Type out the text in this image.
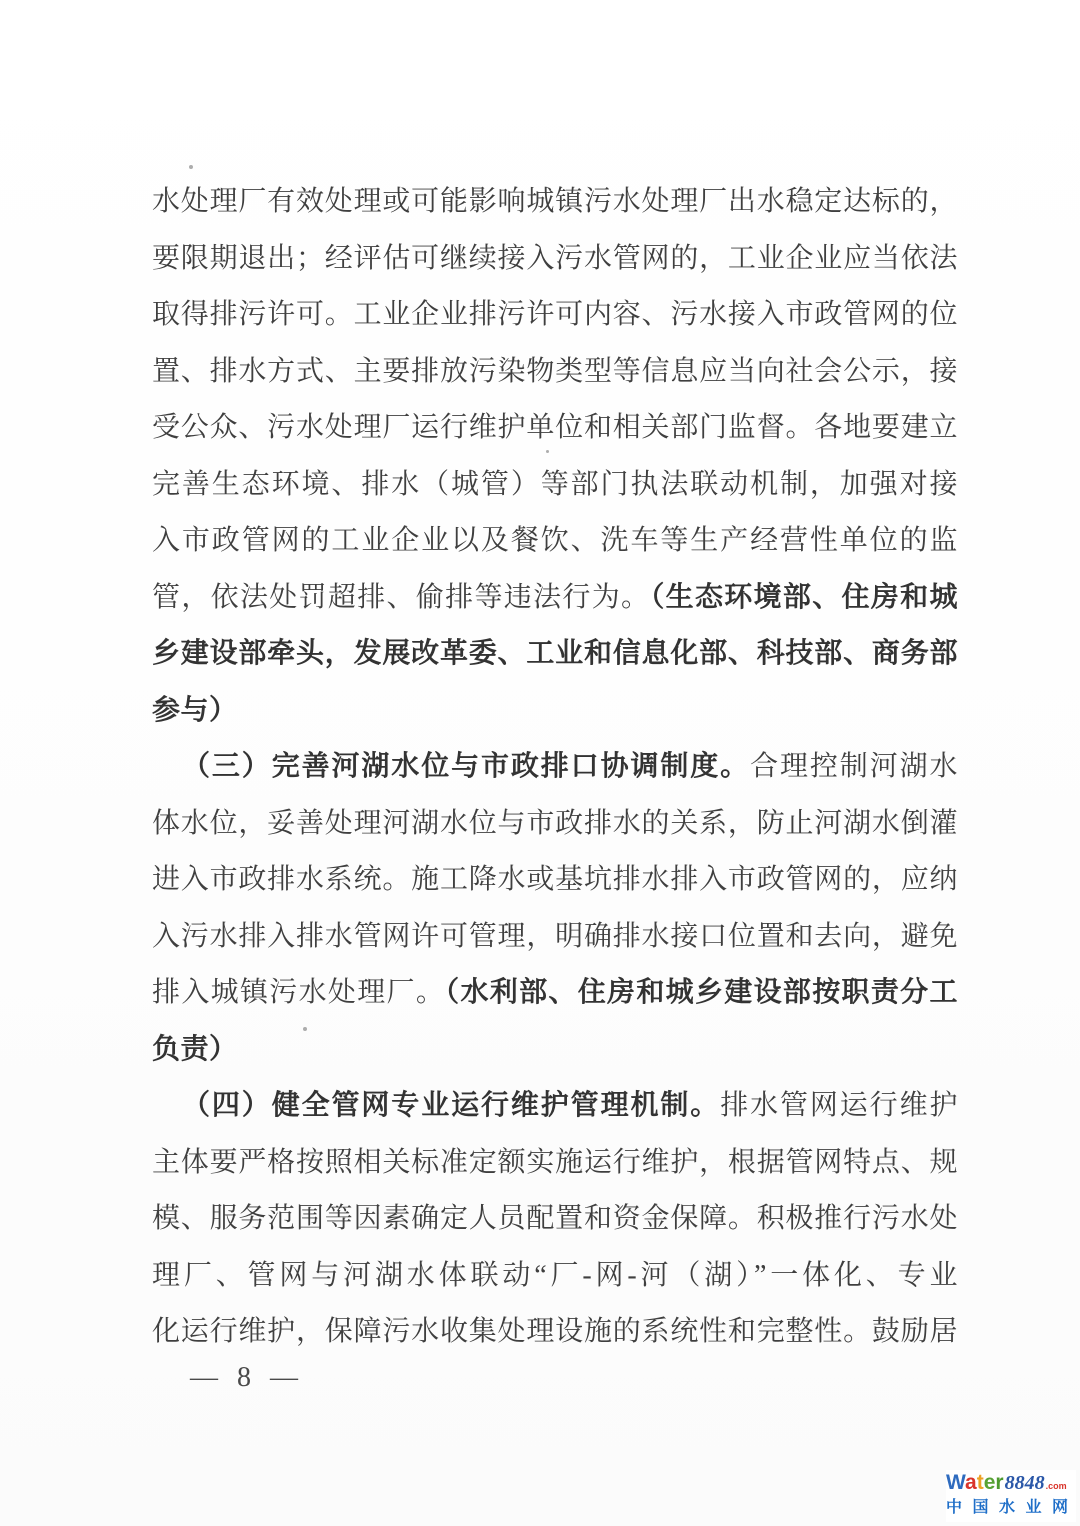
水处理厂有效处理或可能影响城镇污水处理厂出水稳定达标的，
要限期退出；经评估可继续接入污水管网的，工业企业应当依法
取得排污许可。工业企业排污许可内容、污水接入市政管网的位
置、排水方式、主要排放污染物类型等信息应当向社会公示，接
受公众、污水处理厂运行维护单位和相关部门监督。各地要建立
完善生态环境、排水（城管）等部门执法联动机制，加强对接
入市政管网的工业企业以及餐饮、洗车等生产经营性单位的监
管，依法处罚超排、偷排等违法行为。（生态环境部、住房和城
乡建设部牵头，发展改革委、工业和信息化部、科技部、商务部
参与）
（三）完善河湖水位与市政排口协调制度。合理控制河湖水
体水位，妥善处理河湖水位与市政排水的关系，防止河湖水倒灌
进入市政排水系统。施工降水或基坑排水排入市政管网的，应纳
入污水排入排水管网许可管理，明确排水接口位置和去向，避免
排入城镇污水处理厂。（水利部、住房和城乡建设部按职责分工
负责）
（四）健全管网专业运行维护管理机制。排水管网运行维护
主体要严格按照相关标准定额实施运行维护，根据管网特点、规
模、服务范围等因素确定人员配置和资金保障。积极推行污水处
理厂、管网与河湖水体联动“厂-网-河（湖）”一体化、专业
化运行维护，保障污水收集处理设施的系统性和完整性。鼓励居
— 8 —
Water 8848 .com
中 国 水 业 网
